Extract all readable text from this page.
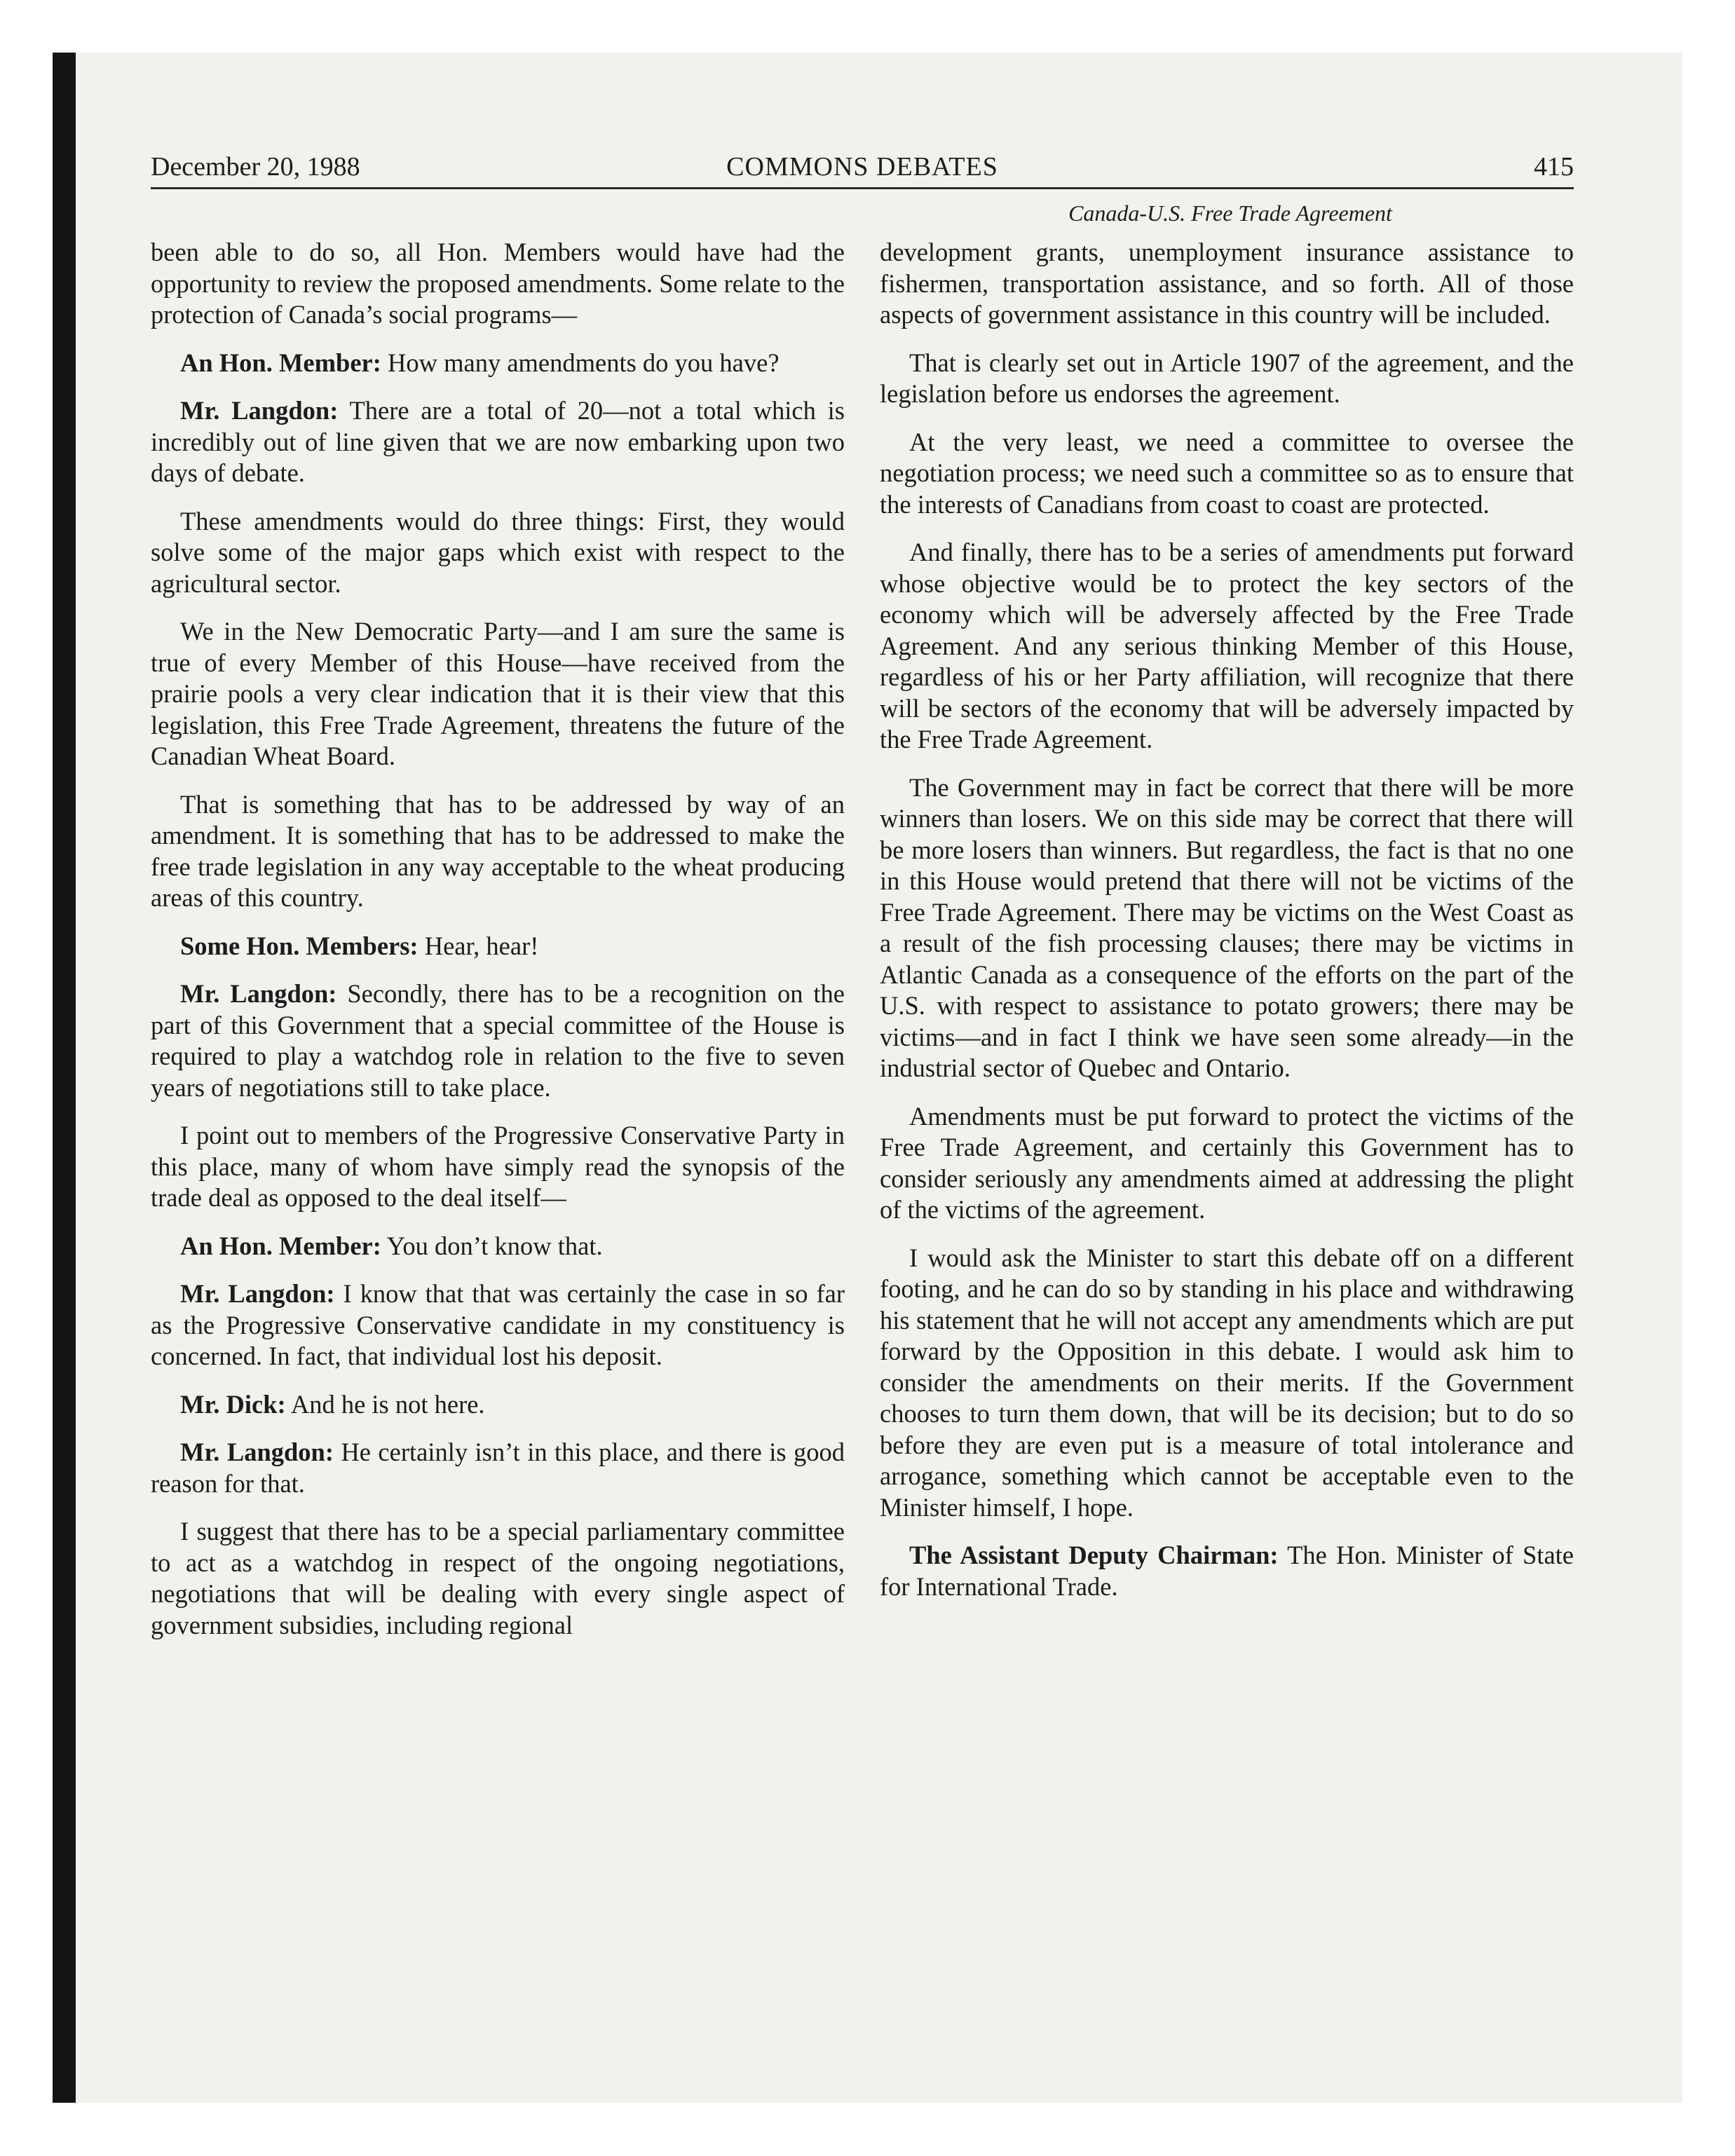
December 20, 1988	COMMONS DEBATES	415
Canada-U.S. Free Trade Agreement

been able to do so, all Hon. Members would have had the opportunity to review the proposed amendments. Some relate to the protection of Canada’s social programs—

An Hon. Member: How many amendments do you have?

Mr. Langdon: There are a total of 20—not a total which is incredibly out of line given that we are now embarking upon two days of debate.

These amendments would do three things: First, they would solve some of the major gaps which exist with respect to the agricultural sector.

We in the New Democratic Party—and I am sure the same is true of every Member of this House—have received from the prairie pools a very clear indication that it is their view that this legislation, this Free Trade Agreement, threatens the future of the Canadian Wheat Board.

That is something that has to be addressed by way of an amendment. It is something that has to be addressed to make the free trade legislation in any way acceptable to the wheat producing areas of this country.

Some Hon. Members: Hear, hear!

Mr. Langdon: Secondly, there has to be a recognition on the part of this Government that a special committee of the House is required to play a watchdog role in relation to the five to seven years of negotiations still to take place.

I point out to members of the Progressive Conservative Party in this place, many of whom have simply read the synopsis of the trade deal as opposed to the deal itself—

An Hon. Member: You don’t know that.

Mr. Langdon: I know that that was certainly the case in so far as the Progressive Conservative candidate in my constituency is concerned. In fact, that individual lost his deposit.

Mr. Dick: And he is not here.

Mr. Langdon: He certainly isn’t in this place, and there is good reason for that.

I suggest that there has to be a special parliamentary committee to act as a watchdog in respect of the ongoing negotiations, negotiations that will be dealing with every single aspect of government subsidies, including regional

development grants, unemployment insurance assistance to fishermen, transportation assistance, and so forth. All of those aspects of government assistance in this country will be included.

That is clearly set out in Article 1907 of the agreement, and the legislation before us endorses the agreement.

At the very least, we need a committee to oversee the negotiation process; we need such a committee so as to ensure that the interests of Canadians from coast to coast are protected.

And finally, there has to be a series of amendments put forward whose objective would be to protect the key sectors of the economy which will be adversely affected by the Free Trade Agreement. And any serious thinking Member of this House, regardless of his or her Party affiliation, will recognize that there will be sectors of the economy that will be adversely impacted by the Free Trade Agreement.

The Government may in fact be correct that there will be more winners than losers. We on this side may be correct that there will be more losers than winners. But regardless, the fact is that no one in this House would pretend that there will not be victims of the Free Trade Agreement. There may be victims on the West Coast as a result of the fish processing clauses; there may be victims in Atlantic Canada as a consequence of the efforts on the part of the U.S. with respect to assistance to potato growers; there may be victims—and in fact I think we have seen some already—in the industrial sector of Quebec and Ontario.

Amendments must be put forward to protect the victims of the Free Trade Agreement, and certainly this Government has to consider seriously any amendments aimed at addressing the plight of the victims of the agreement.

I would ask the Minister to start this debate off on a different footing, and he can do so by standing in his place and withdrawing his statement that he will not accept any amendments which are put forward by the Opposition in this debate. I would ask him to consider the amendments on their merits. If the Government chooses to turn them down, that will be its decision; but to do so before they are even put is a measure of total intolerance and arrogance, something which cannot be acceptable even to the Minister himself, I hope.

The Assistant Deputy Chairman: The Hon. Minister of State for International Trade.
